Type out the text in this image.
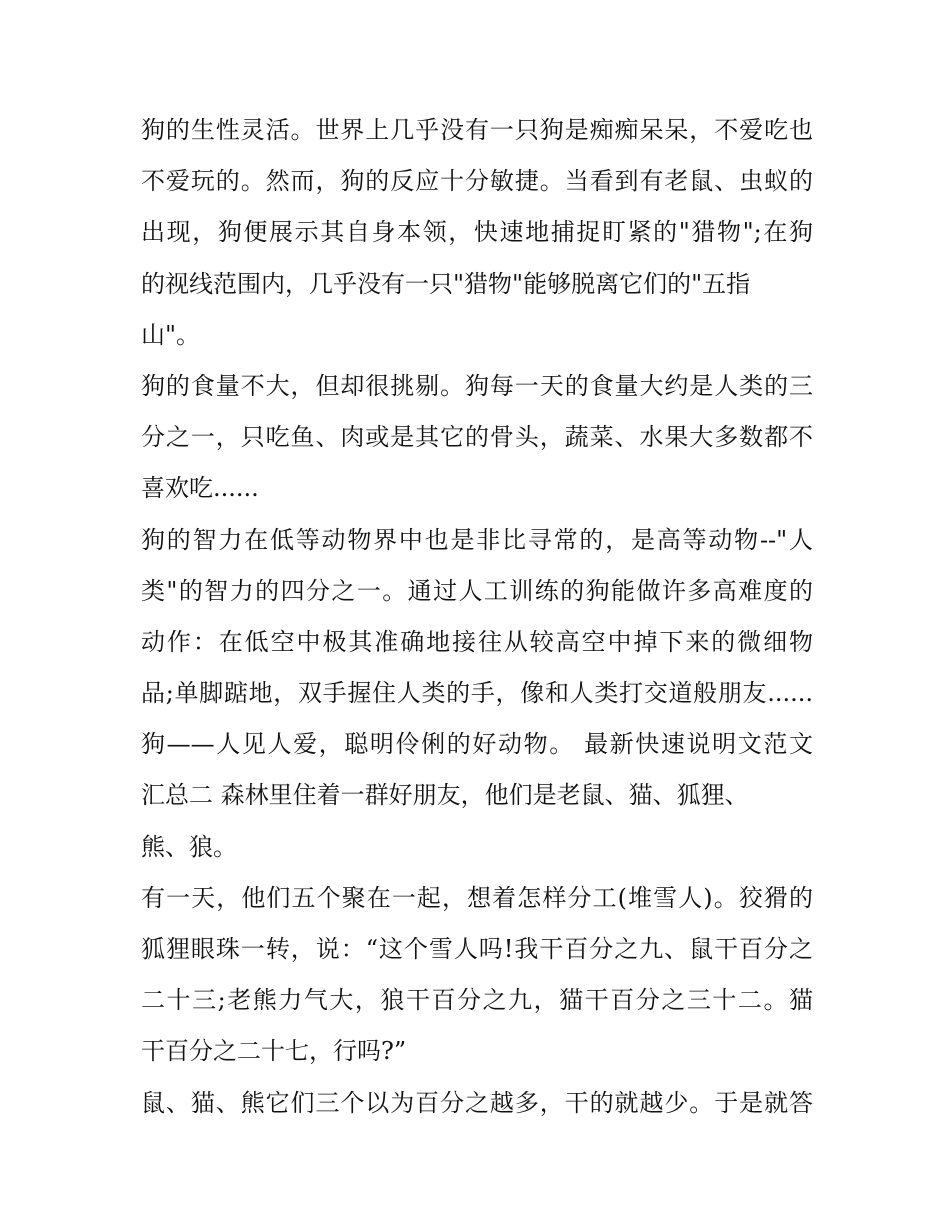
狗的生性灵活。世界上几乎没有一只狗是痴痴呆呆，不爱吃也
不爱玩的。然而，狗的反应十分敏捷。当看到有老鼠、虫蚁的
出现，狗便展示其自身本领，快速地捕捉盯紧的"猎物";在狗
的视线范围内，几乎没有一只"猎物"能够脱离它们的"五指
山"。
狗的食量不大，但却很挑剔。狗每一天的食量大约是人类的三
分之一，只吃鱼、肉或是其它的骨头，蔬菜、水果大多数都不
喜欢吃......
狗的智力在低等动物界中也是非比寻常的，是高等动物--"人
类"的智力的四分之一。通过人工训练的狗能做许多高难度的
动作：在低空中极其准确地接往从较高空中掉下来的微细物
品;单脚踮地，双手握住人类的手，像和人类打交道般朋友......
狗——人见人爱，聪明伶俐的好动物。 最新快速说明文范文
汇总二 森林里住着一群好朋友，他们是老鼠、猫、狐狸、
熊、狼。
有一天，他们五个聚在一起，想着怎样分工(堆雪人)。狡猾的
狐狸眼珠一转，说：“这个雪人吗!我干百分之九、鼠干百分之
二十三;老熊力气大，狼干百分之九，猫干百分之三十二。猫
干百分之二十七，行吗?”
鼠、猫、熊它们三个以为百分之越多，干的就越少。于是就答
